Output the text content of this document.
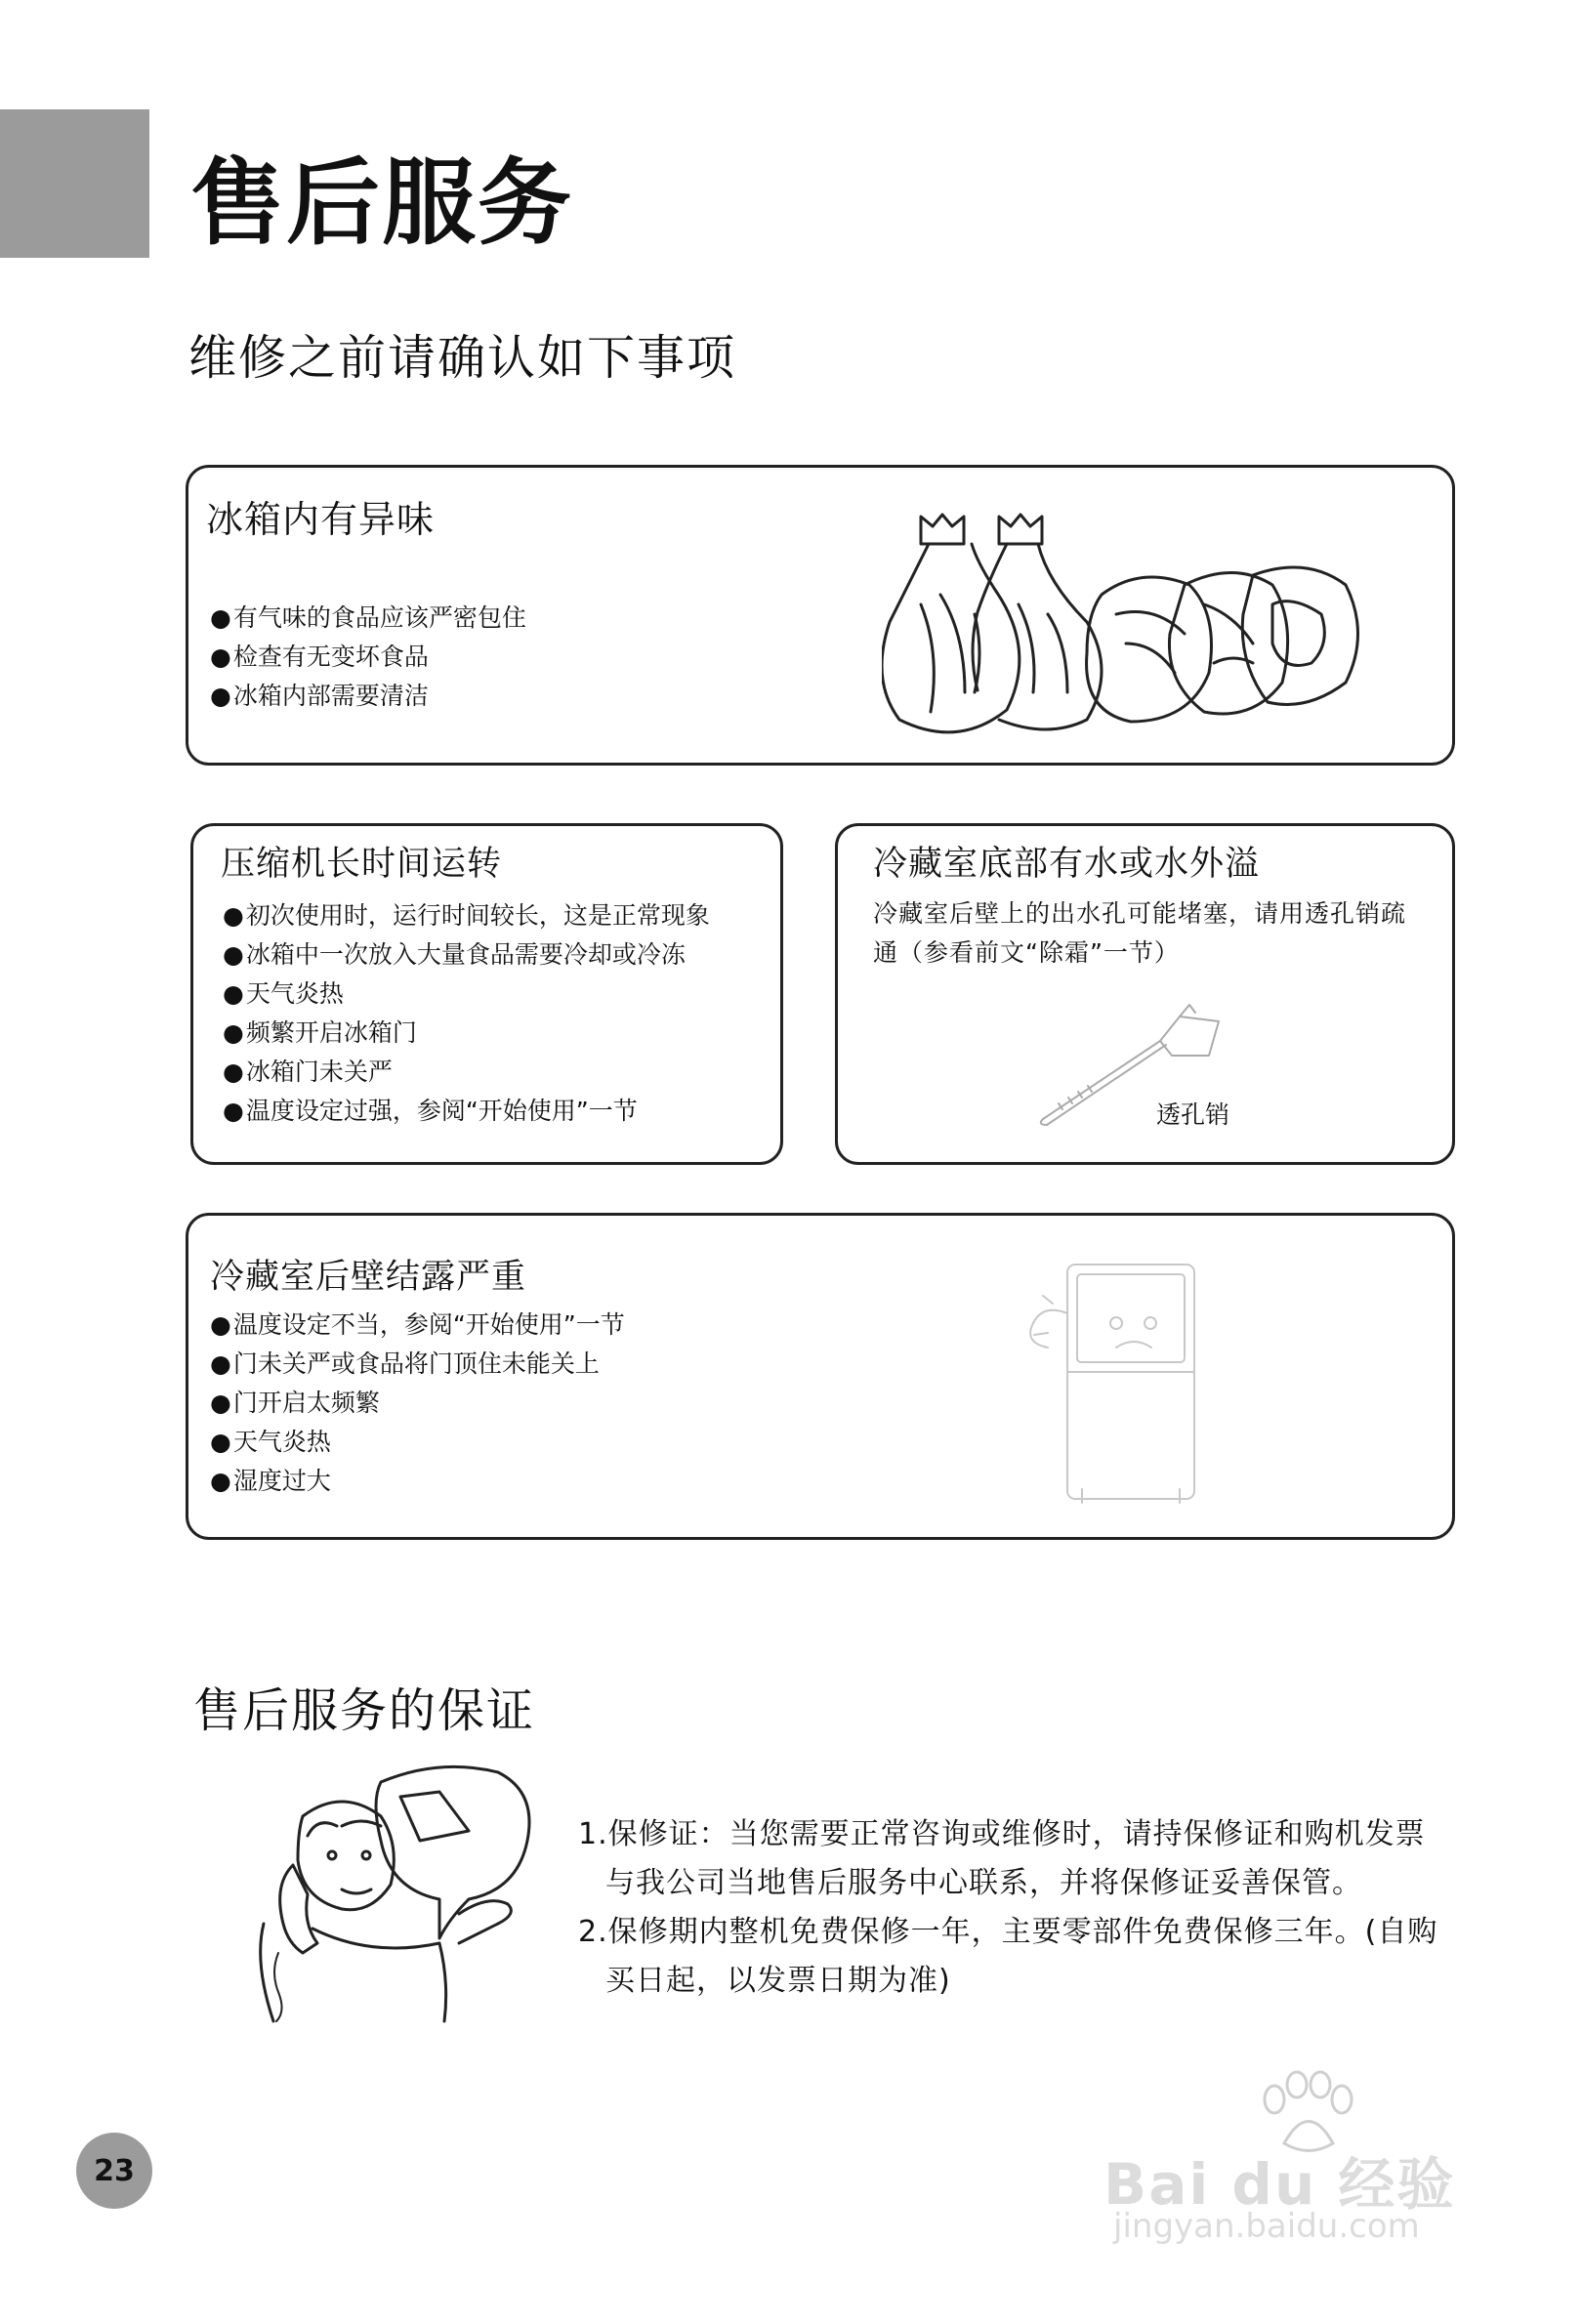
售后服务
维修之前请确认如下事项
冰箱内有异味
● 有气味的食品应该严密包住
● 检查有无变坏食品
● 冰箱内部需要清洁
压缩机长时间运转
● 初次使用时，运行时间较长，这是正常现象
● 冰箱中一次放入大量食品需要冷却或冷冻
● 天气炎热
● 频繁开启冰箱门
● 冰箱门未关严
● 温度设定过强，参阅“开始使用”一节
冷藏室底部有水或水外溢

冷藏室后壁上的出水孔可能堵塞，请用透孔销疏

通（参看前文“除霜”一节）

透孔销
冷藏室后壁结露严重
● 温度设定不当，参阅“开始使用”一节
● 门未关严或食品将门顶住未能关上
● 门开启太频繁
● 天气炎热
● 湿度过大
售后服务的保证
1.保修证：当您需要正常咨询或维修时，请持保修证和购机发票
与我公司当地售后服务中心联系，并将保修证妥善保管。
2.保修期内整机免费保修一年，主要零部件免费保修三年。(自购
买日起，以发票日期为准)
23	Bai du 经验
jingyan.baidu.com
